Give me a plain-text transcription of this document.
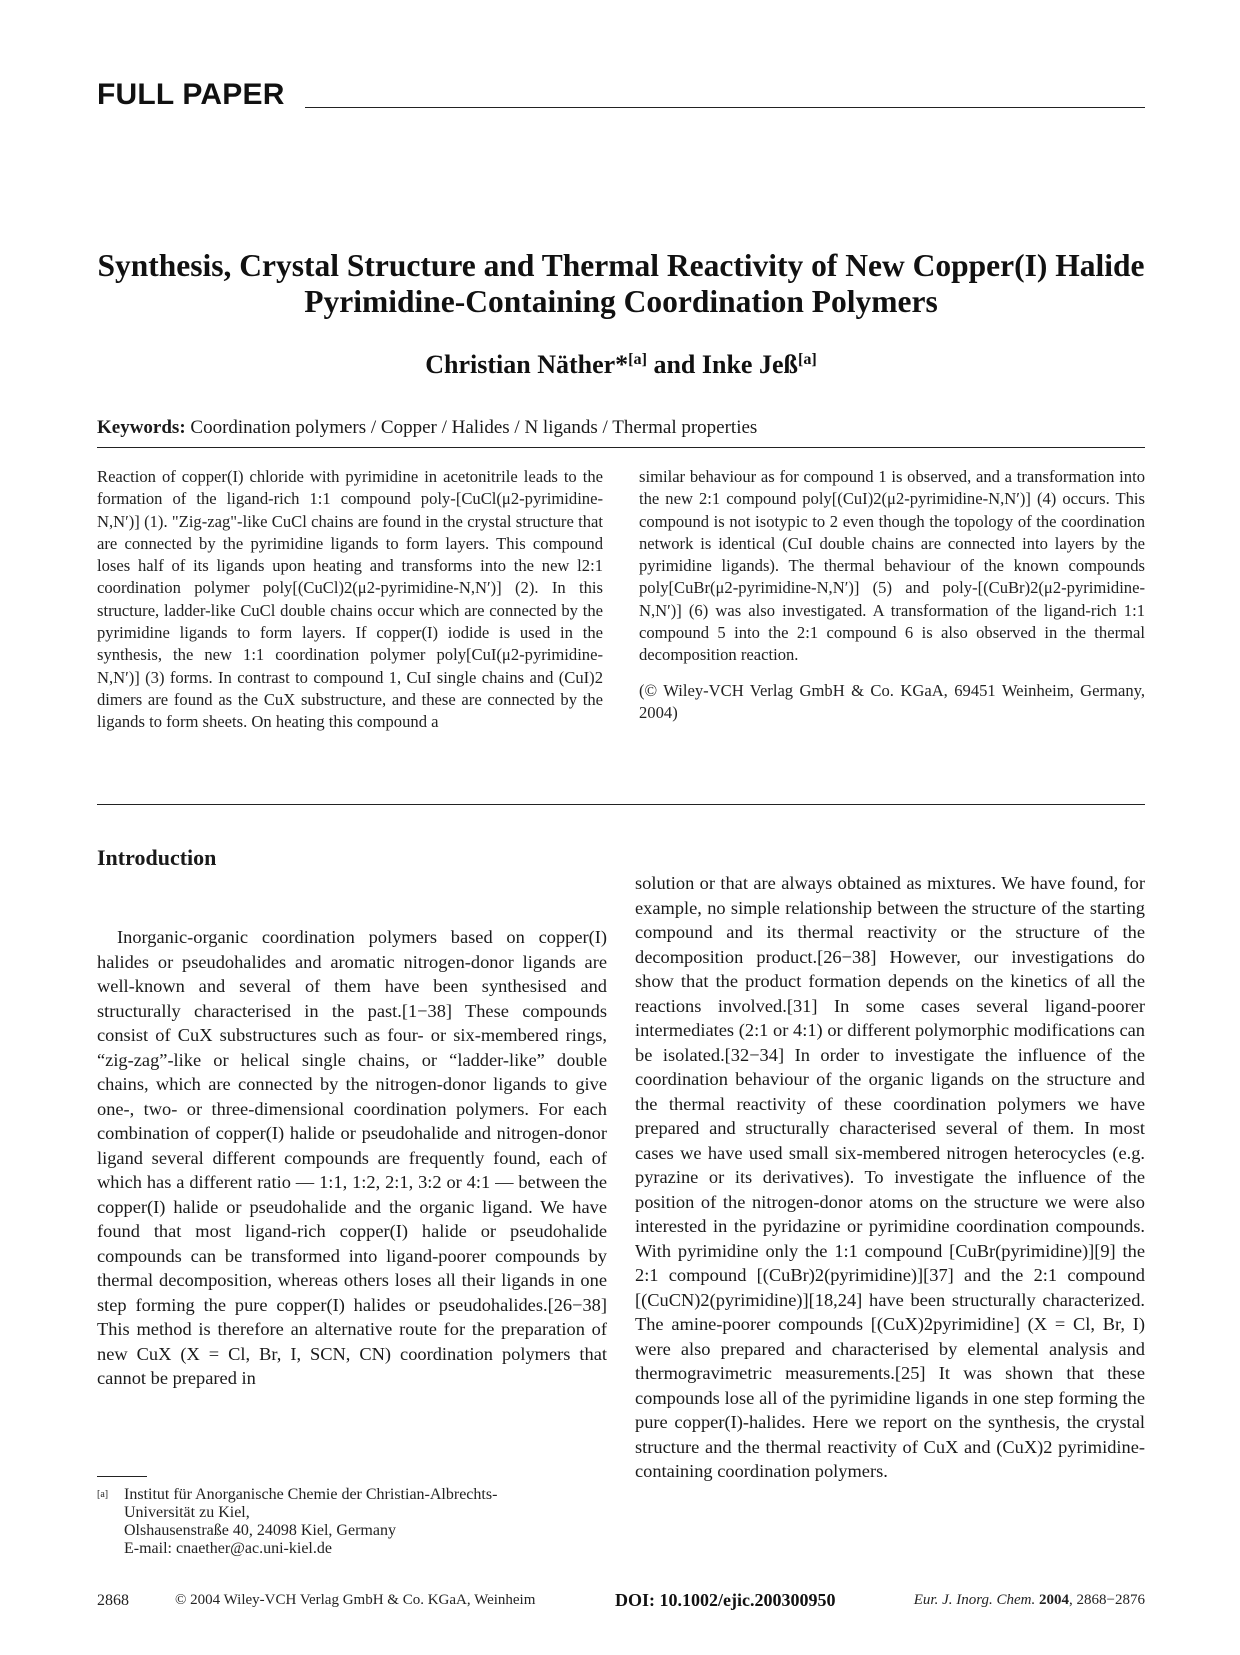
FULL PAPER
Synthesis, Crystal Structure and Thermal Reactivity of New Copper(I) Halide
Pyrimidine-Containing Coordination Polymers
Christian Näther*[a] and Inke Jeß[a]
Keywords: Coordination polymers / Copper / Halides / N ligands / Thermal properties

Reaction of copper(I) chloride with pyrimidine in acetonitrile leads to the formation of the ligand-rich 1:1 compound poly-[CuCl(μ2-pyrimidine-N,N′)] (1). "Zig-zag"-like CuCl chains are found in the crystal structure that are connected by the pyrimidine ligands to form layers. This compound loses half of its ligands upon heating and transforms into the new l2:1 coordination polymer poly[(CuCl)2(μ2-pyrimidine-N,N′)] (2). In this structure, ladder-like CuCl double chains occur which are connected by the pyrimidine ligands to form layers. If copper(I) iodide is used in the synthesis, the new 1:1 coordination polymer poly[CuI(μ2-pyrimidine-N,N′)] (3) forms. In contrast to compound 1, CuI single chains and (CuI)2 dimers are found as the CuX substructure, and these are connected by the ligands to form sheets. On heating this compound a

similar behaviour as for compound 1 is observed, and a transformation into the new 2:1 compound poly[(CuI)2(μ2-pyrimidine-N,N′)] (4) occurs. This compound is not isotypic to 2 even though the topology of the coordination network is identical (CuI double chains are connected into layers by the pyrimidine ligands). The thermal behaviour of the known compounds poly[CuBr(μ2-pyrimidine-N,N′)] (5) and poly-[(CuBr)2(μ2-pyrimidine-N,N′)] (6) was also investigated. A transformation of the ligand-rich 1:1 compound 5 into the 2:1 compound 6 is also observed in the thermal decomposition reaction.

(© Wiley-VCH Verlag GmbH & Co. KGaA, 69451 Weinheim, Germany, 2004)

Introduction

Inorganic-organic coordination polymers based on copper(I) halides or pseudohalides and aromatic nitrogen-donor ligands are well-known and several of them have been synthesised and structurally characterised in the past.[1−38] These compounds consist of CuX substructures such as four- or six-membered rings, “zig-zag”-like or helical single chains, or “ladder-like” double chains, which are connected by the nitrogen-donor ligands to give one-, two- or three-dimensional coordination polymers. For each combination of copper(I) halide or pseudohalide and nitrogen-donor ligand several different compounds are frequently found, each of which has a different ratio — 1:1, 1:2, 2:1, 3:2 or 4:1 — between the copper(I) halide or pseudohalide and the organic ligand. We have found that most ligand-rich copper(I) halide or pseudohalide compounds can be transformed into ligand-poorer compounds by thermal decomposition, whereas others loses all their ligands in one step forming the pure copper(I) halides or pseudohalides.[26−38] This method is therefore an alternative route for the preparation of new CuX (X = Cl, Br, I, SCN, CN) coordination polymers that cannot be prepared in

solution or that are always obtained as mixtures. We have found, for example, no simple relationship between the structure of the starting compound and its thermal reactivity or the structure of the decomposition product.[26−38] However, our investigations do show that the product formation depends on the kinetics of all the reactions involved.[31] In some cases several ligand-poorer intermediates (2:1 or 4:1) or different polymorphic modifications can be isolated.[32−34] In order to investigate the influence of the coordination behaviour of the organic ligands on the structure and the thermal reactivity of these coordination polymers we have prepared and structurally characterised several of them. In most cases we have used small six-membered nitrogen heterocycles (e.g. pyrazine or its derivatives). To investigate the influence of the position of the nitrogen-donor atoms on the structure we were also interested in the pyridazine or pyrimidine coordination compounds. With pyrimidine only the 1:1 compound [CuBr(pyrimidine)][9] the 2:1 compound [(CuBr)2(pyrimidine)][37] and the 2:1 compound [(CuCN)2(pyrimidine)][18,24] have been structurally characterized. The amine-poorer compounds [(CuX)2pyrimidine] (X = Cl, Br, I) were also prepared and characterised by elemental analysis and thermogravimetric measurements.[25] It was shown that these compounds lose all of the pyrimidine ligands in one step forming the pure copper(I)-halides. Here we report on the synthesis, the crystal structure and the thermal reactivity of CuX and (CuX)2 pyrimidine-containing coordination polymers.

[a] Institut für Anorganische Chemie der Christian-Albrechts-
Universität zu Kiel,
Olshausenstraße 40, 24098 Kiel, Germany
E-mail: cnaether@ac.uni-kiel.de
2868	© 2004 Wiley-VCH Verlag GmbH & Co. KGaA, Weinheim	DOI: 10.1002/ejic.200300950	Eur. J. Inorg. Chem. 2004, 2868−2876
